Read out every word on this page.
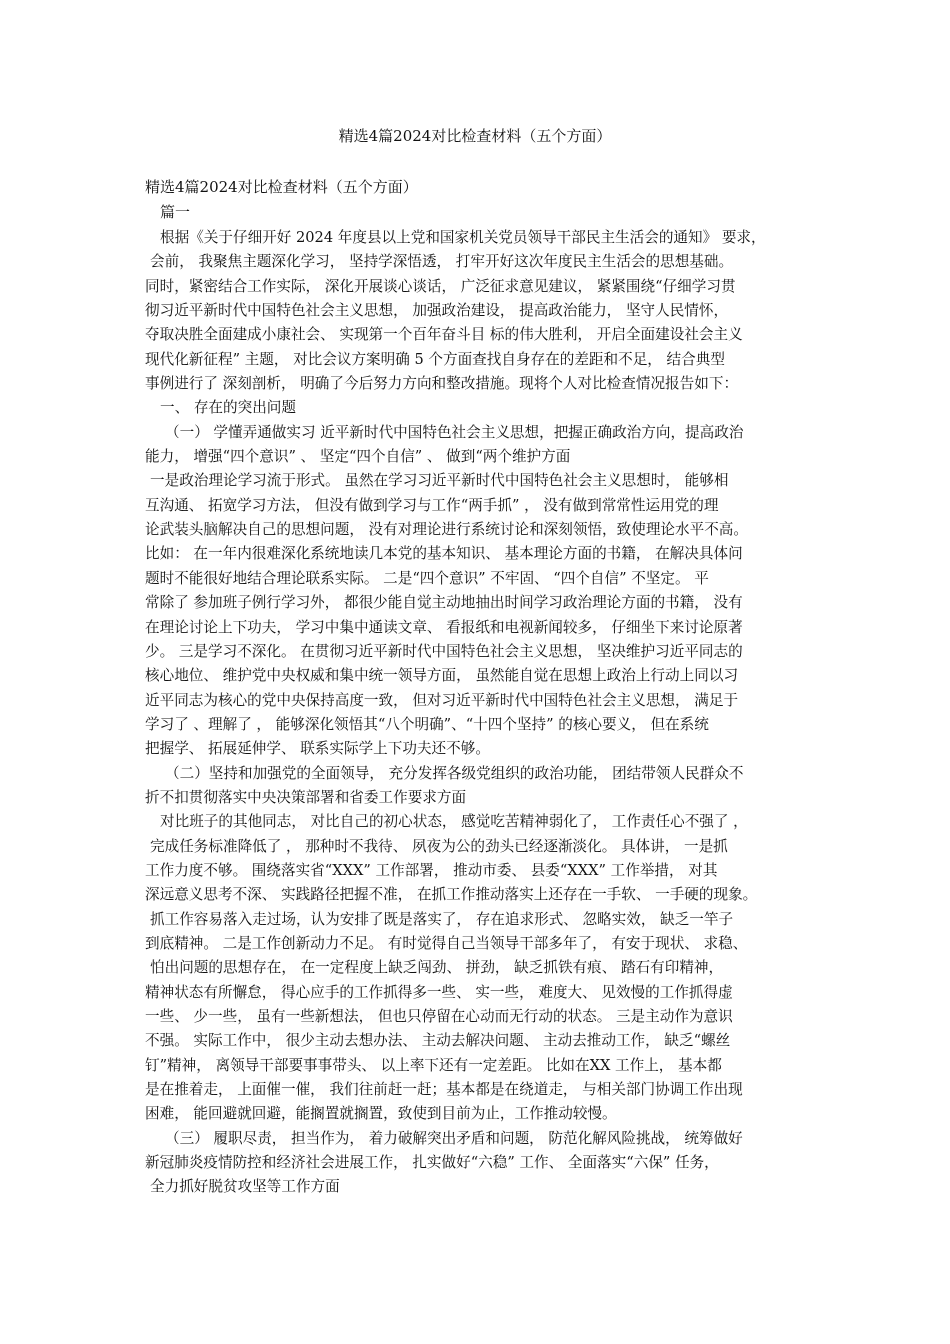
精选4篇2024对比检查材料（五个方面）
精选4篇2024对比检查材料（五个方面）
篇一
根据《关于仔细开好 2024 年度县以上党和国家机关党员领导干部民主生活会的通知》 要求，
会前， 我聚焦主题深化学习， 坚持学深悟透， 打牢开好这次年度民主生活会的思想基础。
同时，紧密结合工作实际， 深化开展谈心谈话， 广泛征求意见建议， 紧紧围绕“仔细学习贯
彻习近平新时代中国特色社会主义思想， 加强政治建设， 提高政治能力， 坚守人民情怀，
夺取决胜全面建成小康社会、 实现第一个百年奋斗目 标的伟大胜利， 开启全面建设社会主义
现代化新征程” 主题， 对比会议方案明确 5 个方面查找自身存在的差距和不足， 结合典型
事例进行了 深刻剖析， 明确了今后努力方向和整改措施。现将个人对比检查情况报告如下：
一、 存在的突出问题
（一） 学懂弄通做实习 近平新时代中国特色社会主义思想，把握正确政治方向，提高政治
能力， 增强“四个意识” 、 坚定“四个自信” 、 做到“两个维护方面
一是政治理论学习流于形式。 虽然在学习习近平新时代中国特色社会主义思想时， 能够相
互沟通、 拓宽学习方法， 但没有做到学习与工作“两手抓” ， 没有做到常常性运用党的理
论武装头脑解决自己的思想问题， 没有对理论进行系统讨论和深刻领悟，致使理论水平不高。
比如： 在一年内很难深化系统地读几本党的基本知识、 基本理论方面的书籍， 在解决具体问
题时不能很好地结合理论联系实际。 二是“四个意识” 不牢固、 “四个自信” 不坚定。 平
常除了 参加班子例行学习外， 都很少能自觉主动地抽出时间学习政治理论方面的书籍， 没有
在理论讨论上下功夫， 学习中集中通读文章、 看报纸和电视新闻较多， 仔细坐下来讨论原著
少。 三是学习不深化。 在贯彻习近平新时代中国特色社会主义思想， 坚决维护习近平同志的
核心地位、 维护党中央权威和集中统一领导方面， 虽然能自觉在思想上政治上行动上同以习
近平同志为核心的党中央保持高度一致， 但对习近平新时代中国特色社会主义思想， 满足于
学习了 、理解了 ， 能够深化领悟其“八个明确”、“十四个坚持” 的核心要义， 但在系统
把握学、 拓展延伸学、 联系实际学上下功夫还不够。
（二）坚持和加强党的全面领导， 充分发挥各级党组织的政治功能， 团结带领人民群众不
折不扣贯彻落实中央决策部署和省委工作要求方面
对比班子的其他同志， 对比自己的初心状态， 感觉吃苦精神弱化了， 工作责任心不强了 ，
完成任务标准降低了 ， 那种时不我待、 夙夜为公的劲头已经逐渐淡化。 具体讲， 一是抓
工作力度不够。 围绕落实省“XXX” 工作部署， 推动市委、 县委“XXX” 工作举措， 对其
深远意义思考不深、 实践路径把握不准， 在抓工作推动落实上还存在一手软、 一手硬的现象。
抓工作容易落入走过场，认为安排了既是落实了， 存在追求形式、 忽略实效， 缺乏一竿子
到底精神。 二是工作创新动力不足。 有时觉得自己当领导干部多年了， 有安于现状、 求稳、
怕出问题的思想存在， 在一定程度上缺乏闯劲、 拼劲， 缺乏抓铁有痕、 踏石有印精神，
精神状态有所懈怠， 得心应手的工作抓得多一些、 实一些， 难度大、 见效慢的工作抓得虚
一些、 少一些， 虽有一些新想法， 但也只停留在心动而无行动的状态。 三是主动作为意识
不强。 实际工作中， 很少主动去想办法、 主动去解决问题、 主动去推动工作， 缺乏“螺丝
钉”精神， 离领导干部要事事带头、 以上率下还有一定差距。 比如在XX 工作上， 基本都
是在推着走， 上面催一催， 我们往前赶一赶；基本都是在绕道走， 与相关部门协调工作出现
困难， 能回避就回避，能搁置就搁置，致使到目前为止，工作推动较慢。
（三） 履职尽责， 担当作为， 着力破解突出矛盾和问题， 防范化解风险挑战， 统筹做好
新冠肺炎疫情防控和经济社会进展工作， 扎实做好“六稳” 工作、 全面落实“六保” 任务，
全力抓好脱贫攻坚等工作方面
